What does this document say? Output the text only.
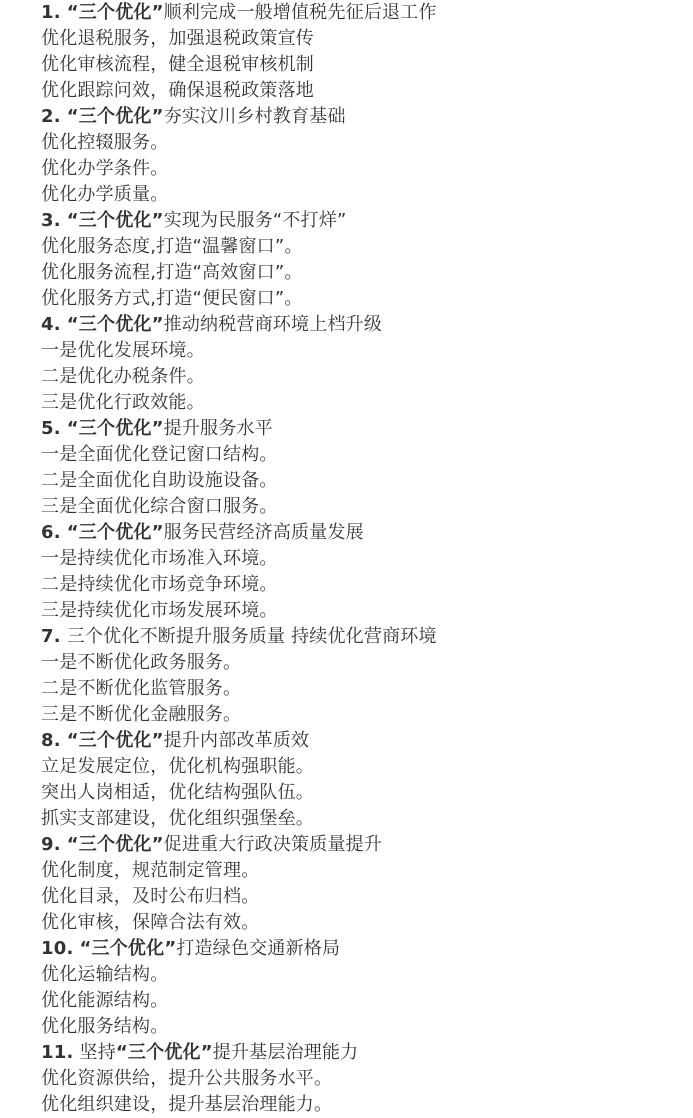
1. “三个优化”顺利完成一般增值税先征后退工作
优化退税服务，加强退税政策宣传
优化审核流程，健全退税审核机制
优化跟踪问效，确保退税政策落地
2. “三个优化”夯实汶川乡村教育基础
优化控辍服务。
优化办学条件。
优化办学质量。
3. “三个优化”实现为民服务“不打烊”
优化服务态度,打造“温馨窗口”。
优化服务流程,打造“高效窗口”。
优化服务方式,打造“便民窗口”。
4. “三个优化”推动纳税营商环境上档升级
一是优化发展环境。
二是优化办税条件。
三是优化行政效能。
5. “三个优化”提升服务水平
一是全面优化登记窗口结构。
二是全面优化自助设施设备。
三是全面优化综合窗口服务。
6. “三个优化”服务民营经济高质量发展
一是持续优化市场准入环境。
二是持续优化市场竞争环境。
三是持续优化市场发展环境。
7. 三个优化不断提升服务质量 持续优化营商环境
一是不断优化政务服务。
二是不断优化监管服务。
三是不断优化金融服务。
8. “三个优化”提升内部改革质效
立足发展定位，优化机构强职能。
突出人岗相适，优化结构强队伍。
抓实支部建设，优化组织强堡垒。
9. “三个优化”促进重大行政决策质量提升
优化制度，规范制定管理。
优化目录，及时公布归档。
优化审核，保障合法有效。
10. “三个优化”打造绿色交通新格局
优化运输结构。
优化能源结构。
优化服务结构。
11. 坚持“三个优化”提升基层治理能力
优化资源供给，提升公共服务水平。
优化组织建设，提升基层治理能力。
